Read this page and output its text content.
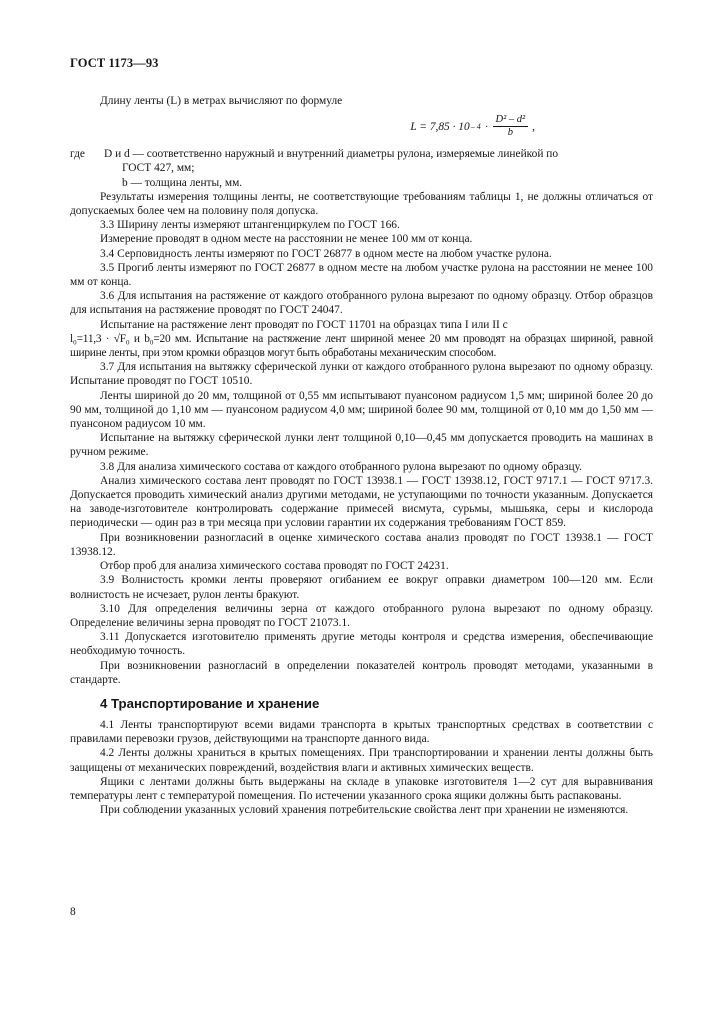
ГОСТ 1173—93

Длину ленты (L) в метрах вычисляют по формуле

$L = 7,85 \cdot 10 - 4 \cdot \frac{\text{D² – d²}}{b}$ ,
где	D и d — соответственно наружный и внутренний диаметры рулона, измеряемые линейкой по
ГОСТ 427, мм;
b — толщина ленты, мм.

Результаты измерения толщины ленты, не соответствующие требованиям таблицы 1, не должны отличаться от допускаемых более чем на половину поля допуска.

3.3 Ширину ленты измеряют штангенциркулем по ГОСТ 166.

Измерение проводят в одном месте на расстоянии не менее 100 мм от конца.

3.4 Серповидность ленты измеряют по ГОСТ 26877 в одном месте на любом участке рулона.

3.5 Прогиб ленты измеряют по ГОСТ 26877 в одном месте на любом участке рулона на расстоянии не менее 100 мм от конца.

3.6 Для испытания на растяжение от каждого отобранного рулона вырезают по одному образцу. Отбор образцов для испытания на растяжение проводят по ГОСТ 24047.

Испытание на растяжение лент проводят по ГОСТ 11701 на образцах типа I или II с

l₀=11,3 · √F₀ и b₀=20 мм. Испытание на растяжение лент шириной менее 20 мм проводят на образцах шириной, равной ширине ленты, при этом кромки образцов могут быть обработаны механическим способом.

3.7 Для испытания на вытяжку сферической лунки от каждого отобранного рулона вырезают по одному образцу. Испытание проводят по ГОСТ 10510.

Ленты шириной до 20 мм, толщиной от 0,55 мм испытывают пуансоном радиусом 1,5 мм; шириной более 20 до 90 мм, толщиной до 1,10 мм — пуансоном радиусом 4,0 мм; шириной более 90 мм, толщиной от 0,10 мм до 1,50 мм — пуансоном радиусом 10 мм.

Испытание на вытяжку сферической лунки лент толщиной 0,10—0,45 мм допускается проводить на машинах в ручном режиме.

3.8 Для анализа химического состава от каждого отобранного рулона вырезают по одному образцу.

Анализ химического состава лент проводят по ГОСТ 13938.1 — ГОСТ 13938.12, ГОСТ 9717.1 — ГОСТ 9717.3. Допускается проводить химический анализ другими методами, не уступающими по точности указанным. Допускается на заводе-изготовителе контролировать содержание примесей висмута, сурьмы, мышьяка, серы и кислорода периодически — один раз в три месяца при условии гарантии их содержания требованиям ГОСТ 859.

При возникновении разногласий в оценке химического состава анализ проводят по ГОСТ 13938.1 — ГОСТ 13938.12.

Отбор проб для анализа химического состава проводят по ГОСТ 24231.

3.9 Волнистость кромки ленты проверяют огибанием ее вокруг оправки диаметром 100—120 мм. Если волнистость не исчезает, рулон ленты бракуют.

3.10 Для определения величины зерна от каждого отобранного рулона вырезают по одному образцу. Определение величины зерна проводят по ГОСТ 21073.1.

3.11 Допускается изготовителю применять другие методы контроля и средства измерения, обеспечивающие необходимую точность.

При возникновении разногласий в определении показателей контроль проводят методами, указанными в стандарте.

4 Транспортирование и хранение

4.1 Ленты транспортируют всеми видами транспорта в крытых транспортных средствах в соответствии с правилами перевозки грузов, действующими на транспорте данного вида.

4.2 Ленты должны храниться в крытых помещениях. При транспортировании и хранении ленты должны быть защищены от механических повреждений, воздействия влаги и активных химических веществ.

Ящики с лентами должны быть выдержаны на складе в упаковке изготовителя 1—2 сут для выравнивания температуры лент с температурой помещения. По истечении указанного срока ящики должны быть распакованы.

При соблюдении указанных условий хранения потребительские свойства лент при хранении не изменяются.

8
